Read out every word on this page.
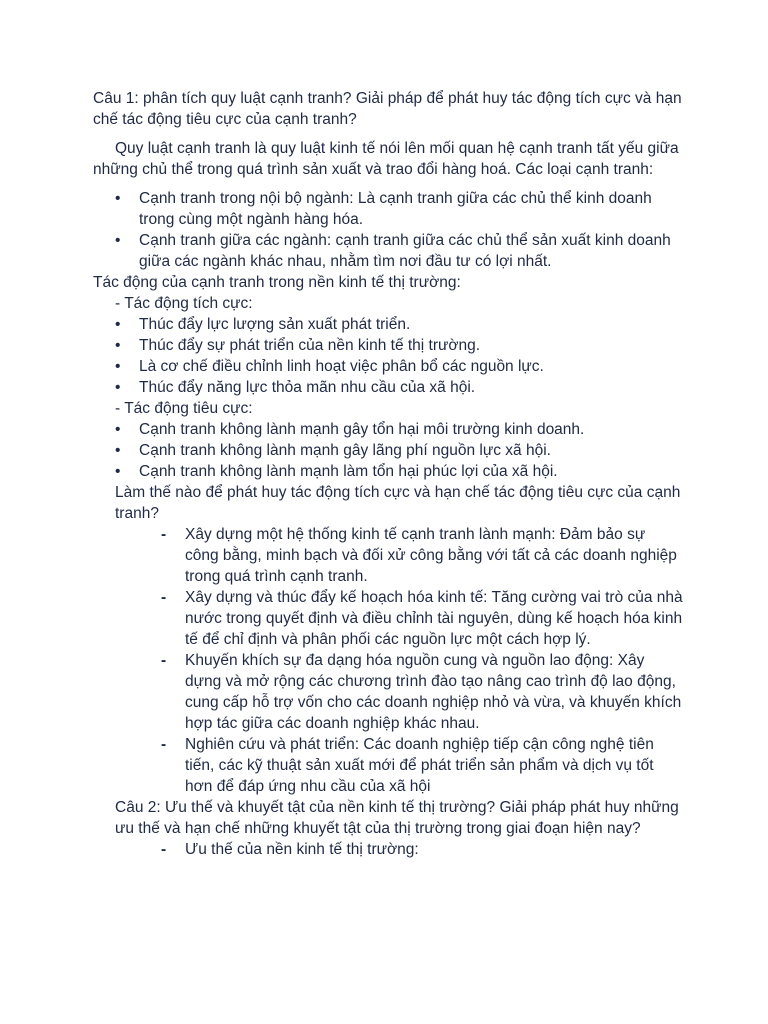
Câu 1: phân tích quy luật cạnh tranh? Giải pháp để phát huy tác động tích cực và hạn chế tác động tiêu cực của cạnh tranh?

Quy luật cạnh tranh là quy luật kinh tế nói lên mối quan hệ cạnh tranh tất yếu giữa những chủ thể trong quá trình sản xuất và trao đổi hàng hoá. Các loại cạnh tranh:

• Cạnh tranh trong nội bộ ngành: Là cạnh tranh giữa các chủ thể kinh doanh trong cùng một ngành hàng hóa.
• Cạnh tranh giữa các ngành: cạnh tranh giữa các chủ thể sản xuất kinh doanh giữa các ngành khác nhau, nhằm tìm nơi đầu tư có lợi nhất.

Tác động của cạnh tranh trong nền kinh tế thị trường:

- Tác động tích cực:

• Thúc đẩy lực lượng sản xuất phát triển.
• Thúc đẩy sự phát triển của nền kinh tế thị trường.
• Là cơ chế điều chỉnh linh hoạt việc phân bổ các nguồn lực.
• Thúc đẩy năng lực thỏa mãn nhu cầu của xã hội.

- Tác động tiêu cực:

• Cạnh tranh không lành mạnh gây tổn hại môi trường kinh doanh.
• Cạnh tranh không lành mạnh gây lãng phí nguồn lực xã hội.
• Cạnh tranh không lành mạnh làm tổn hại phúc lợi của xã hội.

Làm thế nào để phát huy tác động tích cực và hạn chế tác động tiêu cực của cạnh tranh?

- Xây dựng một hệ thống kinh tế cạnh tranh lành mạnh: Đảm bảo sự công bằng, minh bạch và đối xử công bằng với tất cả các doanh nghiệp trong quá trình cạnh tranh.
- Xây dựng và thúc đẩy kế hoạch hóa kinh tế: Tăng cường vai trò của nhà nước trong quyết định và điều chỉnh tài nguyên, dùng kế hoạch hóa kinh tế để chỉ định và phân phối các nguồn lực một cách hợp lý.
- Khuyến khích sự đa dạng hóa nguồn cung và nguồn lao động: Xây dựng và mở rộng các chương trình đào tạo nâng cao trình độ lao động, cung cấp hỗ trợ vốn cho các doanh nghiệp nhỏ và vừa, và khuyến khích hợp tác giữa các doanh nghiệp khác nhau.
- Nghiên cứu và phát triển: Các doanh nghiệp tiếp cận công nghệ tiên tiến, các kỹ thuật sản xuất mới để phát triển sản phẩm và dịch vụ tốt hơn để đáp ứng nhu cầu của xã hội

Câu 2: Ưu thế và khuyết tật của nền kinh tế thị trường? Giải pháp phát huy những ưu thế và hạn chế những khuyết tật của thị trường trong giai đoạn hiện nay?

- Ưu thế của nền kinh tế thị trường:
